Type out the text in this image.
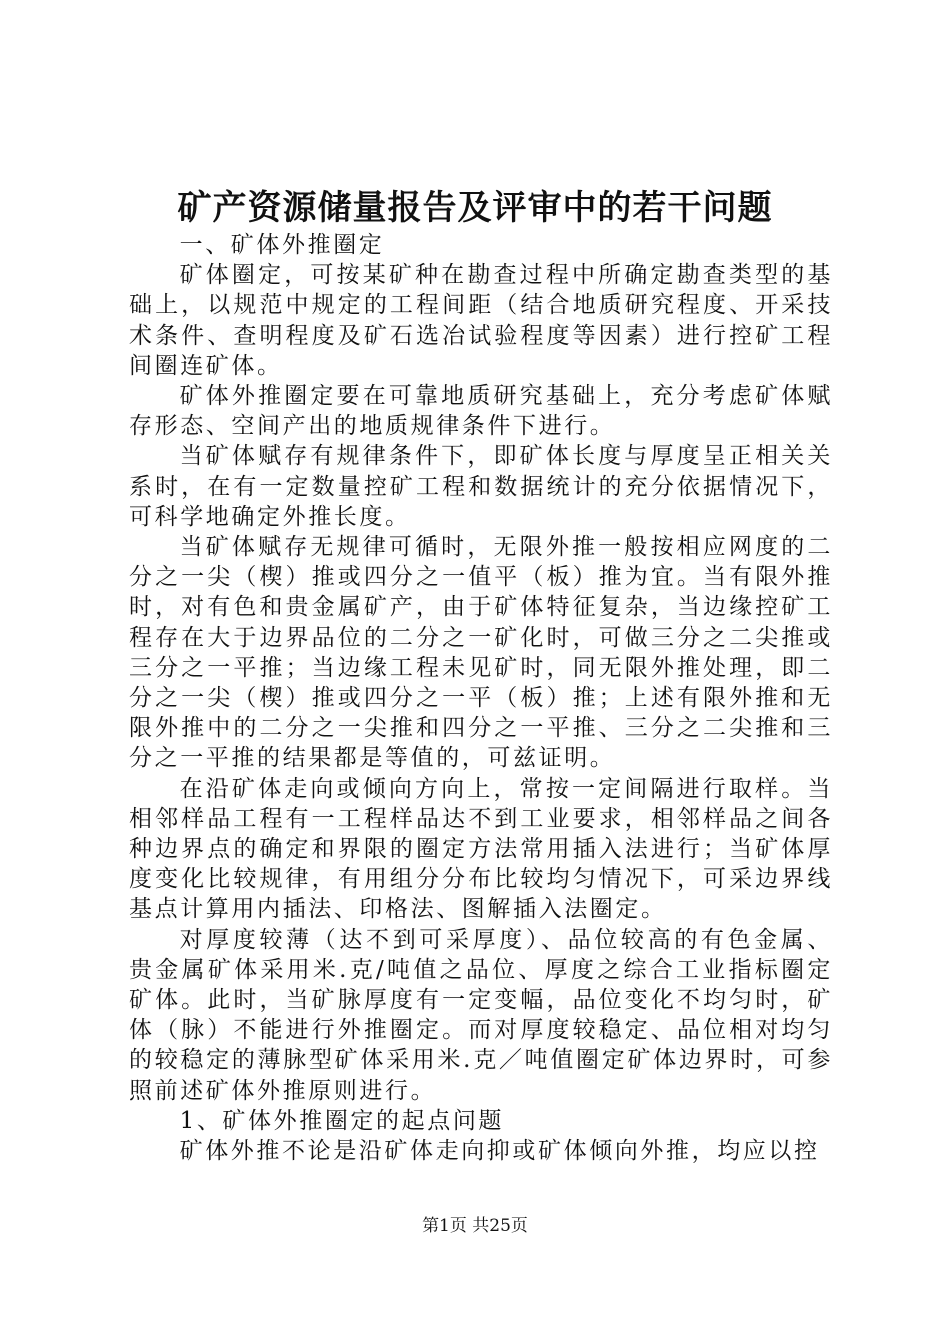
矿产资源储量报告及评审中的若干问题

一、矿体外推圈定

矿体圈定，可按某矿种在勘查过程中所确定勘查类型的基础上，以规范中规定的工程间距（结合地质研究程度、开采技术条件、查明程度及矿石选冶试验程度等因素）进行控矿工程间圈连矿体。

矿体外推圈定要在可靠地质研究基础上，充分考虑矿体赋存形态、空间产出的地质规律条件下进行。

当矿体赋存有规律条件下，即矿体长度与厚度呈正相关关系时，在有一定数量控矿工程和数据统计的充分依据情况下，可科学地确定外推长度。

当矿体赋存无规律可循时，无限外推一般按相应网度的二分之一尖（楔）推或四分之一值平（板）推为宜。当有限外推时，对有色和贵金属矿产，由于矿体特征复杂，当边缘控矿工程存在大于边界品位的二分之一矿化时，可做三分之二尖推或三分之一平推；当边缘工程未见矿时，同无限外推处理，即二分之一尖（楔）推或四分之一平（板）推；上述有限外推和无限外推中的二分之一尖推和四分之一平推、三分之二尖推和三分之一平推的结果都是等值的，可兹证明。

在沿矿体走向或倾向方向上，常按一定间隔进行取样。当相邻样品工程有一工程样品达不到工业要求，相邻样品之间各种边界点的确定和界限的圈定方法常用插入法进行；当矿体厚度变化比较规律，有用组分分布比较均匀情况下，可采边界线基点计算用内插法、印格法、图解插入法圈定。

对厚度较薄（达不到可采厚度）、品位较高的有色金属、贵金属矿体采用米.克/吨值之品位、厚度之综合工业指标圈定矿体。此时，当矿脉厚度有一定变幅，品位变化不均匀时，矿体（脉）不能进行外推圈定。而对厚度较稳定、品位相对均匀的较稳定的薄脉型矿体采用米.克／吨值圈定矿体边界时，可参照前述矿体外推原则进行。

1、矿体外推圈定的起点问题

矿体外推不论是沿矿体走向抑或矿体倾向外推，均应以控

第1页 共25页
